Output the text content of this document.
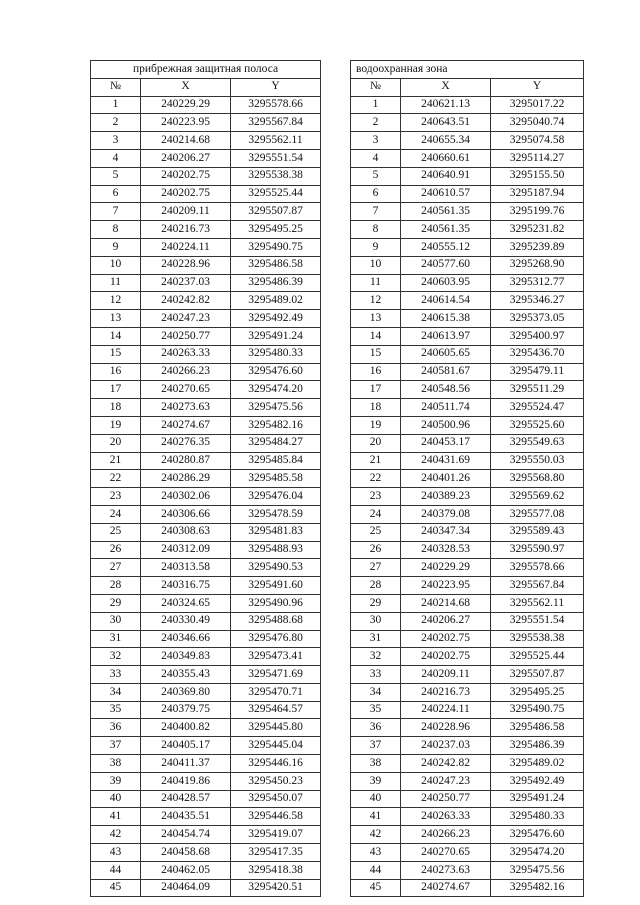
прибрежная защитная полоса		
№	X	Y
1	240229.29	3295578.66
2	240223.95	3295567.84
3	240214.68	3295562.11
4	240206.27	3295551.54
5	240202.75	3295538.38
6	240202.75	3295525.44
7	240209.11	3295507.87
8	240216.73	3295495.25
9	240224.11	3295490.75
10	240228.96	3295486.58
11	240237.03	3295486.39
12	240242.82	3295489.02
13	240247.23	3295492.49
14	240250.77	3295491.24
15	240263.33	3295480.33
16	240266.23	3295476.60
17	240270.65	3295474.20
18	240273.63	3295475.56
19	240274.67	3295482.16
20	240276.35	3295484.27
21	240280.87	3295485.84
22	240286.29	3295485.58
23	240302.06	3295476.04
24	240306.66	3295478.59
25	240308.63	3295481.83
26	240312.09	3295488.93
27	240313.58	3295490.53
28	240316.75	3295491.60
29	240324.65	3295490.96
30	240330.49	3295488.68
31	240346.66	3295476.80
32	240349.83	3295473.41
33	240355.43	3295471.69
34	240369.80	3295470.71
35	240379.75	3295464.57
36	240400.82	3295445.80
37	240405.17	3295445.04
38	240411.37	3295446.16
39	240419.86	3295450.23
40	240428.57	3295450.07
41	240435.51	3295446.58
42	240454.74	3295419.07
43	240458.68	3295417.35
44	240462.05	3295418.38
45	240464.09	3295420.51
водоохранная зона		
№	X	Y
1	240621.13	3295017.22
2	240643.51	3295040.74
3	240655.34	3295074.58
4	240660.61	3295114.27
5	240640.91	3295155.50
6	240610.57	3295187.94
7	240561.35	3295199.76
8	240561.35	3295231.82
9	240555.12	3295239.89
10	240577.60	3295268.90
11	240603.95	3295312.77
12	240614.54	3295346.27
13	240615.38	3295373.05
14	240613.97	3295400.97
15	240605.65	3295436.70
16	240581.67	3295479.11
17	240548.56	3295511.29
18	240511.74	3295524.47
19	240500.96	3295525.60
20	240453.17	3295549.63
21	240431.69	3295550.03
22	240401.26	3295568.80
23	240389.23	3295569.62
24	240379.08	3295577.08
25	240347.34	3295589.43
26	240328.53	3295590.97
27	240229.29	3295578.66
28	240223.95	3295567.84
29	240214.68	3295562.11
30	240206.27	3295551.54
31	240202.75	3295538.38
32	240202.75	3295525.44
33	240209.11	3295507.87
34	240216.73	3295495.25
35	240224.11	3295490.75
36	240228.96	3295486.58
37	240237.03	3295486.39
38	240242.82	3295489.02
39	240247.23	3295492.49
40	240250.77	3295491.24
41	240263.33	3295480.33
42	240266.23	3295476.60
43	240270.65	3295474.20
44	240273.63	3295475.56
45	240274.67	3295482.16
